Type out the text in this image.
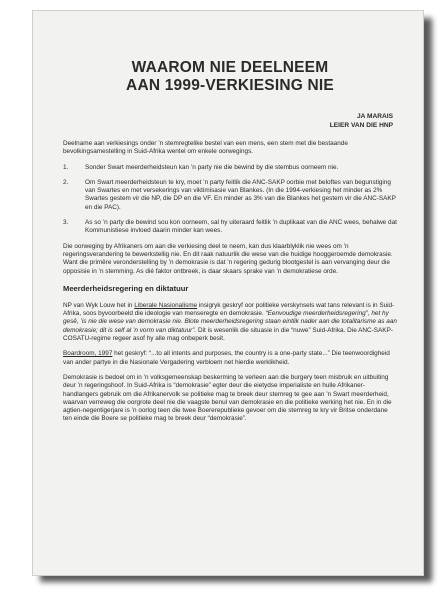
WAAROM NIE DEELNEEM
AAN 1999-VERKIESING NIE
JA MARAIS
LEIER VAN DIE HNP

Deelname aan verkiesings onder ’n stemregtelike bestel van een mens, een stem met die bestaande bevolkingsamestelling in Suid-Afrika wentel om enkele oorwegings.

1.	Sonder Swart meerderheidsteun kan ’n party nie die bewind by die stembus oorneem nie.
2.	Om Swart meerderheidsteun te kry, moet ’n party feitlik die ANC-SAKP oorbie met beloftes van begunstiging van Swartes en met versekerings van viktimisasie van Blankes. (In die 1994-verkiesing het minder as 2% Swartes gestem vir die NP, die DP en die VF. En minder as 3% van die Blankes het gestem vir die ANC-SAKP en die PAC).
3.	As so ’n party die bewind sou kon oorneem, sal hy uiteraard feitlik ’n duplikaat van die ANC wees, behalwe dat Kommunistiese invloed daarin minder kan wees.

Die oorweging by Afrikaners om aan die verkiesing deel te neem, kan dus klaarblyklik nie wees om ’n regeringsverandering te bewerkstellig nie. En dit raak natuurlik die wese van die huidige hooggeroemde demokrasie. Want die primêre veronderstelling by ’n demokrasie is dat ’n regering gedurig blootgestel is aan vervanging deur die opposisie in ’n stemming. As dié faktor ontbreek, is daar skaars sprake van ’n demokratiese orde.

Meerderheidsregering en diktatuur

NP van Wyk Louw het in Liberale Nasionalisme insigryk geskryf oor politieke verskynsels wat tans relevant is in Suid-Afrika, soos byvoorbeeld die ideologie van menseregte en demokrasie. “Eenvoudige meerderheidsregering”, het hy gesê, ’is nie die wese van demokrasie nie. Blote meerderheidsregering staan eintlik nader aan die totalitarisme as aan demokrasie; dit is self al ’n vorm van diktatuur”. Dit is wesenlik die situasie in die “nuwe” Suid-Afrika. Die ANC-SAKP-COSATU-regime regeer asof hy alle mag onbeperk besit.

Boardroom, 1997 het geskryf: “...to all intents and purposes, the country is a one-party state...” Die teenwoordigheid van ander partye in die Nasionale Vergadering verbloem net hierdie werklikheid.

Demokrasie is bedoel om in ’n volksgemeenskap beskerming te verleen aan die burgery teen misbruik en uitbuiting deur ’n regeringshoof. In Suid-Afrika is “demokrasie” egter deur die eietydse imperialiste en hulle Afrikaner-handlangers gebruik om die Afrikanervolk se politieke mag te breek deur stemreg te gee aan ’n Swart meerderheid, waarvan verreweg die oorgrote deel nie die vaagste benul van demokrasie en die politieke werking het nie. En in die agtien-negentigerjare is ’n oorlog teen die twee Boererepublieke gevoer om die stemreg te kry vir Britse onderdane ten einde die Boere se politieke mag te breek deur “demokrasie”.
